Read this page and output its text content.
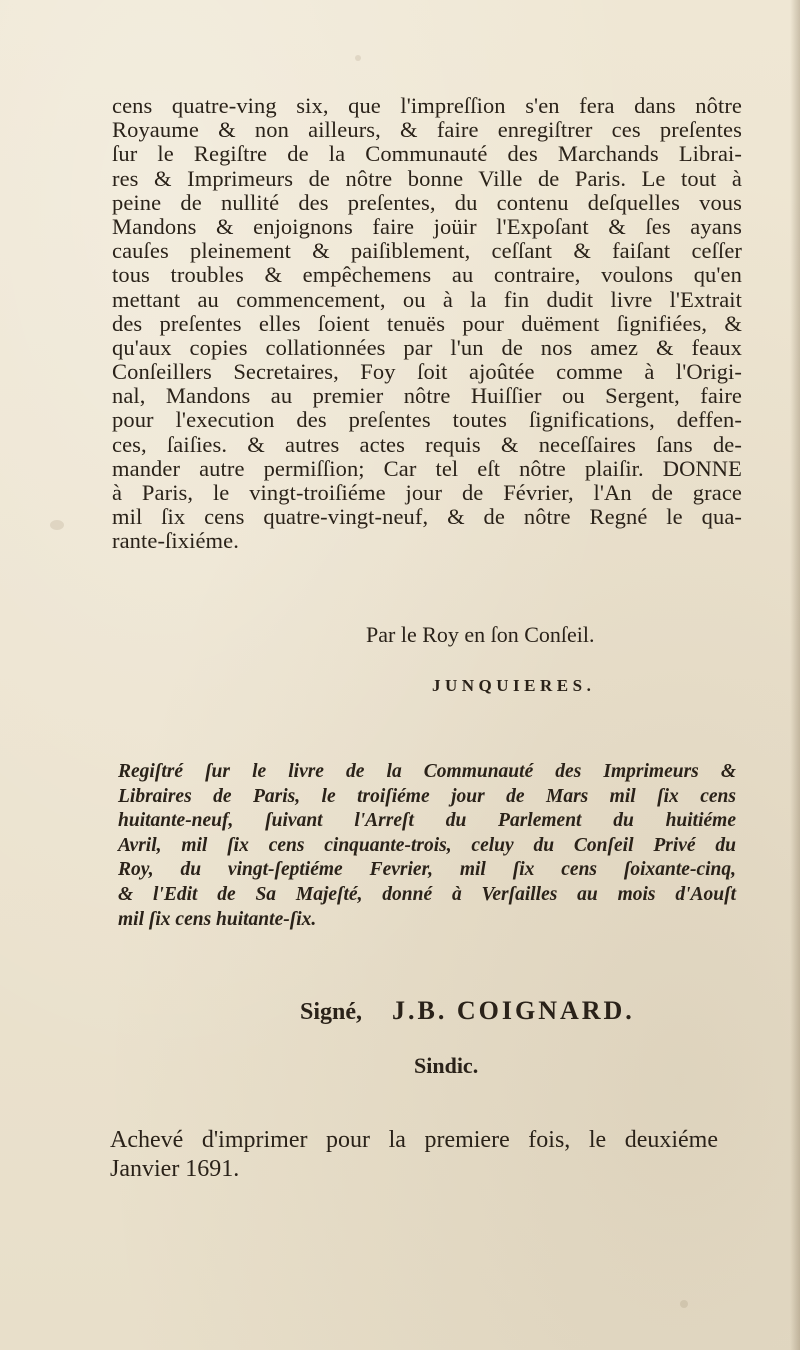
cens quatre-ving six, que l'impreſſion s'en fera dans nôtre
Royaume & non ailleurs, & faire enregiſtrer ces preſentes
ſur le Regiſtre de la Communauté des Marchands Librai-
res & Imprimeurs de nôtre bonne Ville de Paris. Le tout à
peine de nullité des preſentes, du contenu deſquelles vous
Mandons & enjoignons faire joüir l'Expoſant & ſes ayans
cauſes pleinement & paiſiblement, ceſſant & faiſant ceſſer
tous troubles & empêchemens au contraire, voulons qu'en
mettant au commencement, ou à la fin dudit livre l'Extrait
des preſentes elles ſoient tenuës pour duëment ſignifiées, &
qu'aux copies collationnées par l'un de nos amez & feaux
Conſeillers Secretaires, Foy ſoit ajoûtée comme à l'Origi-
nal, Mandons au premier nôtre Huiſſier ou Sergent, faire
pour l'execution des preſentes toutes ſignifications, deffen-
ces, ſaiſies. & autres actes requis & neceſſaires ſans de-
mander autre permiſſion; Car tel eſt nôtre plaiſir. DONNE
à Paris, le vingt-troiſiéme jour de Février, l'An de grace
mil ſix cens quatre-vingt-neuf, & de nôtre Regné le qua-
rante-ſixiéme.
Par le Roy en ſon Conſeil.
JUNQUIERES.
Regiſtré ſur le livre de la Communauté des Imprimeurs &
Libraires de Paris, le troiſiéme jour de Mars mil ſix cens
huitante-neuf, ſuivant l'Arreſt du Parlement du huitiéme
Avril, mil ſix cens cinquante-trois, celuy du Conſeil Privé du
Roy, du vingt-ſeptiéme Fevrier, mil ſix cens ſoixante-cinq,
& l'Edit de Sa Majeſté, donné à Verſailles au mois d'Aouſt
mil ſix cens huitante-ſix.
Signé, J.B. COIGNARD.
Sindic.
Achevé d'imprimer pour la premiere fois, le deuxiéme
Janvier 1691.
